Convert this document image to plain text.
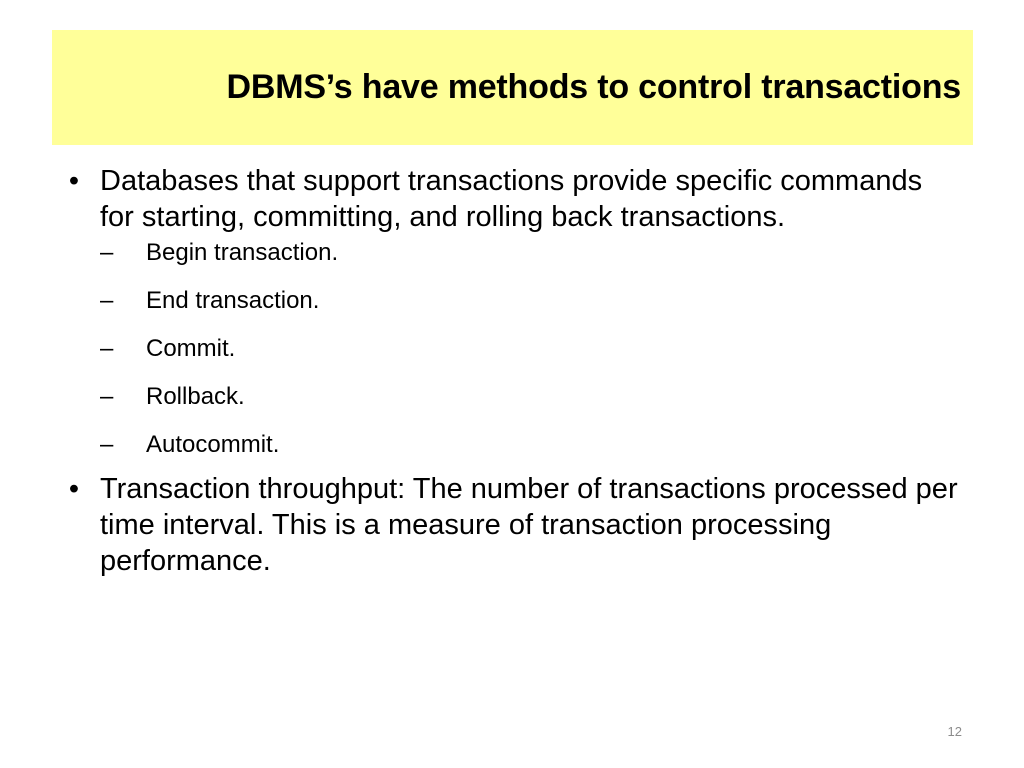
DBMS’s have methods to control transactions
• Databases that support transactions provide specific commands for starting, committing, and rolling back transactions.
–	Begin transaction.
–	End transaction.
–	Commit.
–	Rollback.
–	Autocommit.
• Transaction throughput: The number of transactions processed per time interval. This is a measure of transaction processing performance.
12
